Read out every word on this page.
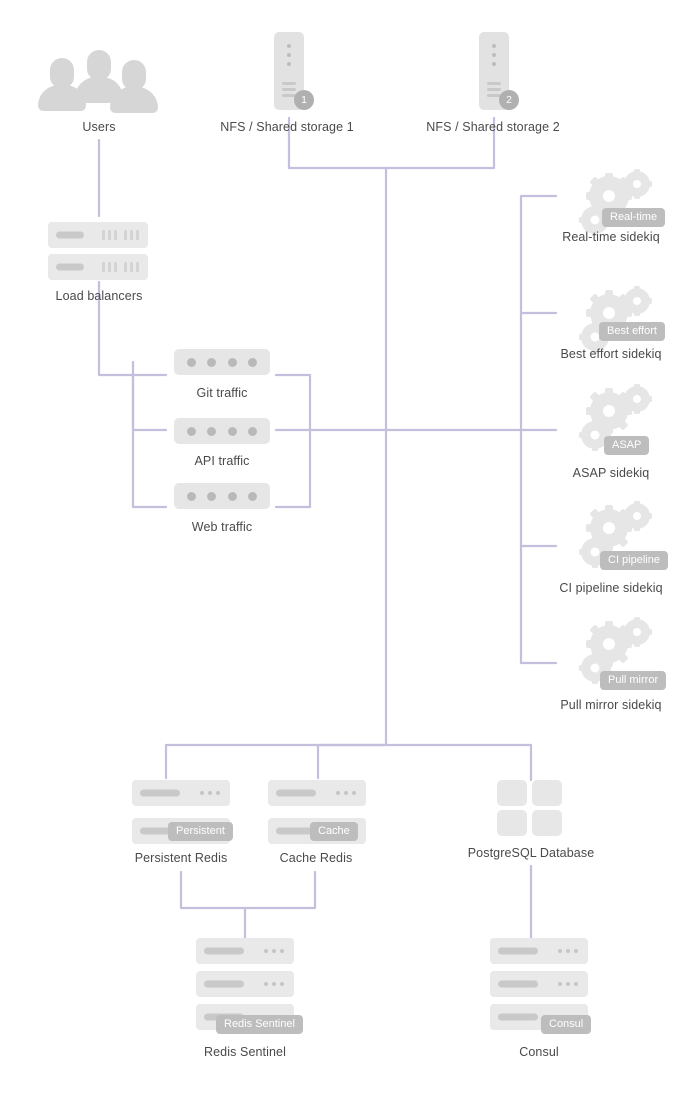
Users
1
NFS / Shared storage 1
2
NFS / Shared storage 2
Load balancers
Git traffic
API traffic
Web traffic
Real-time
Real-time sidekiq
Best effort
Best effort sidekiq
ASAP
ASAP sidekiq
CI pipeline
CI pipeline sidekiq
Pull mirror
Pull mirror sidekiq
Persistent
Persistent Redis
Cache
Cache Redis	PostgreSQL Database
Redis Sentinel
Redis Sentinel
Consul
Consul
